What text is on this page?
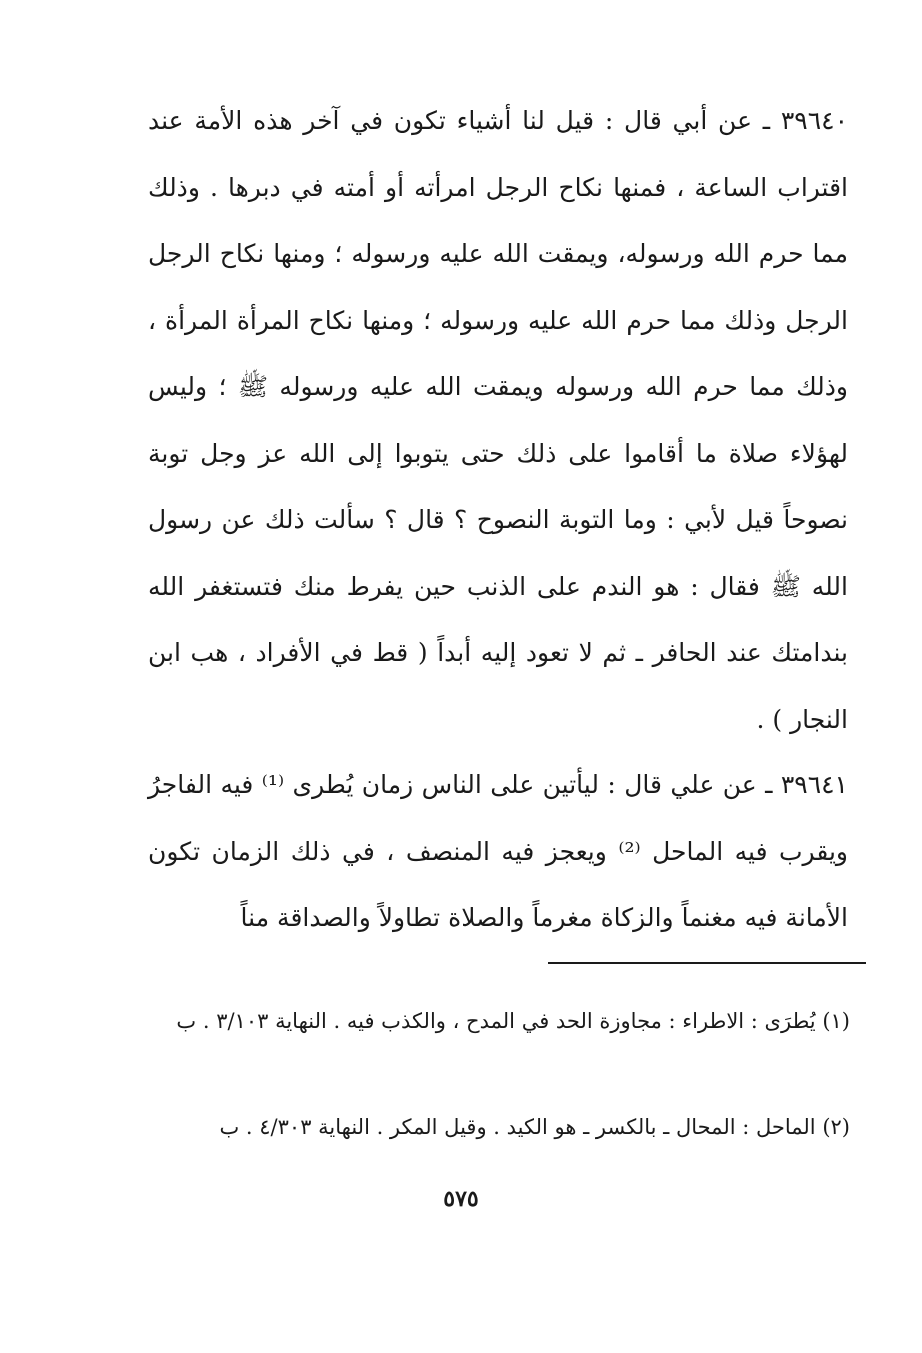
٣٩٦٤٠ ـ عن أبي قال : قيل لنا أشياء تكون في آخر هذه الأمة عند اقتراب الساعة ، فمنها نكاح الرجل امرأته أو أمته في دبرها . وذلك مما حرم الله ورسوله، ويمقت الله عليه ورسوله ؛ ومنها نكاح الرجل الرجل وذلك مما حرم الله عليه ورسوله ؛ ومنها نكاح المرأة المرأة ، وذلك مما حرم الله ورسوله ويمقت الله عليه ورسوله ﷺ ؛ وليس لهؤلاء صلاة ما أقاموا على ذلك حتى يتوبوا إلى الله عز وجل توبة نصوحاً قيل لأبي : وما التوبة النصوح ؟ قال ؟ سألت ذلك عن رسول الله ﷺ فقال : هو الندم على الذنب حين يفرط منك فتستغفر الله بندامتك عند الحافر ـ ثم لا تعود إليه أبداً ( قط في الأفراد ، هب ابن النجار ) .

٣٩٦٤١ ـ عن علي قال : ليأتين على الناس زمان يُطرى ⁽¹⁾ فيه الفاجرُ ويقرب فيه الماحل ⁽²⁾ ويعجز فيه المنصف ، في ذلك الزمان تكون الأمانة فيه مغنماً والزكاة مغرماً والصلاة تطاولاً والصداقة مناً

(١) يُطرَى : الاطراء : مجاوزة الحد في المدح ، والكذب فيه . النهاية ٣/١٠٣ . ب

(٢) الماحل : المحال ـ بالكسر ـ هو الكيد . وقيل المكر . النهاية ٤/٣٠٣ . ب

٥٧٥
